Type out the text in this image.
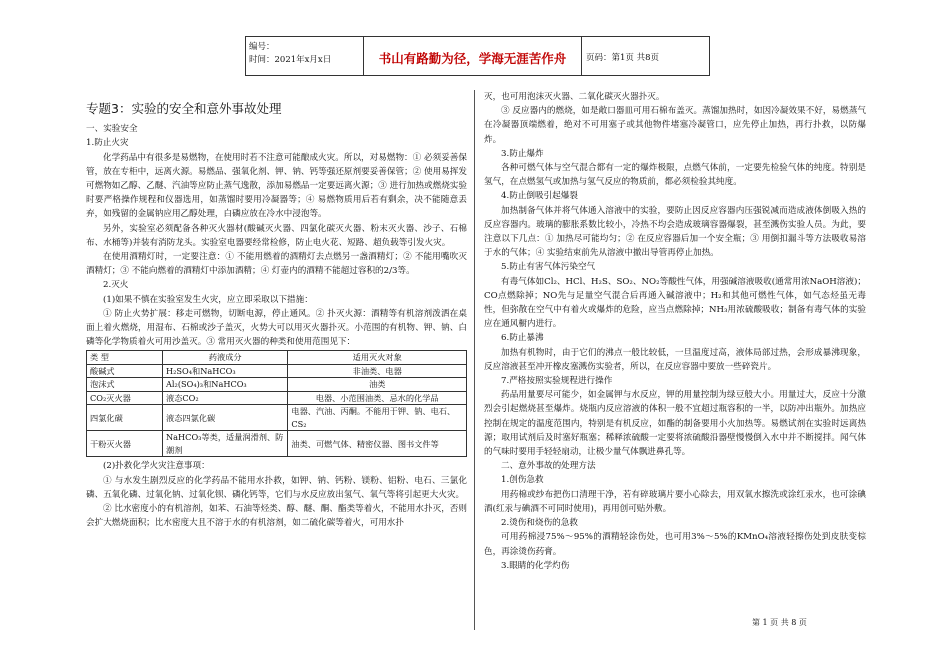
编号：
时间：2021年x月x日	书山有路勤为径，学海无涯苦作舟	页码：第1页 共8页

专题3：实验的安全和意外事故处理

一、实验安全

1.防止火灾

化学药品中有很多是易燃物，在使用时若不注意可能酿成火灾。所以，对易燃物：① 必须妥善保管，放在专柜中，远离火源。易燃品、强氧化剂、钾、钠、钙等强还原剂要妥善保管；② 使用易挥发可燃物如乙醇、乙醚、汽油等应防止蒸气逸散，添加易燃品一定要远离火源；③ 进行加热或燃烧实验时要严格操作规程和仪器选用，如蒸馏时要用冷凝器等；④ 易燃物质用后若有剩余，决不能随意丢弃，如残留的金属钠应用乙醇处理，白磷应放在冷水中浸泡等。

另外，实验室必须配备各种灭火器材(酸碱灭火器、四氯化碳灭火器、粉末灭火器、沙子、石棉布、水桶等)并装有消防龙头。实验室电器要经常检修，防止电火花、短路、超负载等引发火灾。

在使用酒精灯时，一定要注意：① 不能用燃着的酒精灯去点燃另一盏酒精灯；② 不能用嘴吹灭酒精灯；③ 不能向燃着的酒精灯中添加酒精；④ 灯壶内的酒精不能超过容积的2/3等。

2.灭火

(1)如果不慎在实验室发生火灾，应立即采取以下措施：

① 防止火势扩展：移走可燃物，切断电源，停止通风。② 扑灭火源：酒精等有机溶剂泼洒在桌面上着火燃烧，用湿布、石棉或沙子盖灭，火势大可以用灭火器扑灭。小范围的有机物、钾、钠、白磷等化学物质着火可用沙盖灭。③ 常用灭火器的种类和使用范围见下：

类 型	药液成分	适用灭火对象
酸碱式	H₂SO₄和NaHCO₃	非油类、电器
泡沫式	Al₂(SO₄)₃和NaHCO₃	油类
CO₂灭火器	液态CO₂	电器、小范围油类、忌水的化学品
四氯化碳	液态四氯化碳	电器、汽油、丙酮。不能用于钾、钠、电石、CS₂
干粉灭火器	NaHCO₃等类，适量润滑剂、防潮剂	油类、可燃气体、精密仪器、图书文件等

(2)扑救化学火灾注意事项：

① 与水发生剧烈反应的化学药品不能用水扑救，如钾、钠、钙粉、镁粉、铝粉、电石、三氯化磷、五氧化磷、过氧化钠、过氧化钡、磷化钙等，它们与水反应放出氢气、氧气等将引起更大火灾。

② 比水密度小的有机溶剂，如苯、石油等烃类、醇、醚、酮、酯类等着火，不能用水扑灭，否则会扩大燃烧面积；比水密度大且不溶于水的有机溶剂，如二硫化碳等着火，可用水扑

灭，也可用泡沫灭火器、二氧化碳灭火器扑灭。

③ 反应器内的燃烧，如是敞口器皿可用石棉布盖灭。蒸馏加热时，如因冷凝效果不好，易燃蒸气在冷凝器顶端燃着，绝对不可用塞子或其他物件堵塞冷凝管口，应先停止加热，再行扑救，以防爆炸。

3.防止爆炸

各种可燃气体与空气混合都有一定的爆炸极限，点燃气体前，一定要先检验气体的纯度。特别是氢气，在点燃氢气或加热与氢气反应的物质前，都必须检验其纯度。

4.防止倒吸引起爆裂

加热制备气体并将气体通入溶液中的实验，要防止因反应容器内压强锐减而造成液体倒吸入热的反应容器内。玻璃的膨胀系数比较小，冷热不均会造成玻璃容器爆裂，甚至溅伤实验人员。为此，要注意以下几点：① 加热尽可能均匀；② 在反应容器后加一个安全瓶；③ 用倒扣漏斗等方法吸收易溶于水的气体；④ 实验结束前先从溶液中撤出导管再停止加热。

5.防止有害气体污染空气

有毒气体如Cl₂、HCl、H₂S、SO₂、NO₂等酸性气体，用强碱溶液吸收(通常用浓NaOH溶液)；CO点燃除掉；NO先与足量空气混合后再通入碱溶液中；H₂和其他可燃性气体，如气态烃虽无毒性，但弥散在空气中有着火或爆炸的危险，应当点燃除掉；NH₃用浓硫酸吸收；制备有毒气体的实验应在通风橱内进行。

6.防止暴沸

加热有机物时，由于它们的沸点一般比较低，一旦温度过高，液体局部过热，会形成暴沸现象，反应溶液甚至冲开橡皮塞溅伤实验者，所以，在反应容器中要放一些碎瓷片。

7.严格按照实验规程进行操作

药品用量要尽可能少，如金属钾与水反应，钾的用量控制为绿豆般大小。用量过大，反应十分激烈会引起燃烧甚至爆炸。烧瓶内反应溶液的体积一般不宜超过瓶容积的一半，以防冲出瓶外。加热应控制在规定的温度范围内，特别是有机反应，如酯的制备要用小火加热等。易燃试剂在实验时远离热源；取用试剂后及时塞好瓶塞；稀释浓硫酸一定要将浓硫酸沿器壁慢慢倒入水中并不断搅拌。闻气体的气味时要用手轻轻扇动，让极少量气体飘进鼻孔等。

二、意外事故的处理方法

1.创伤急救

用药棉或纱布把伤口清理干净，若有碎玻璃片要小心除去，用双氧水擦洗或涂红汞水，也可涂碘酒(红汞与碘酒不可同时使用)，再用创可贴外敷。

2.烫伤和烧伤的急救

可用药棉浸75%～95%的酒精轻涂伤处，也可用3%～5%的KMnO₄溶液轻擦伤处到皮肤变棕色，再涂烫伤药膏。

3.眼睛的化学灼伤

第 1 页 共 8 页
